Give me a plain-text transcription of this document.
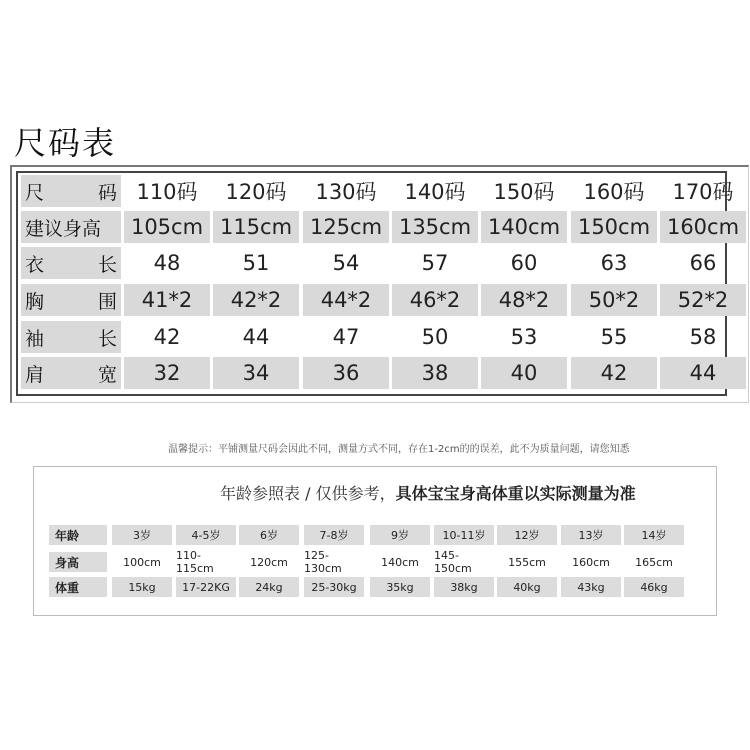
尺码表
尺	码 110码	120码	130码	140码	150码	160码	170码
建议身高	105cm 115cm 125cm 135cm 140cm 150cm 160cm
衣	长	48	51	54	57	60	63	66
胸	围	41*2	42*2	44*2	46*2	48*2	50*2	52*2
袖	长	42	44	47	50	53	55	58
肩	宽	32	34	36	38	40	42	44
温馨提示：平铺测量尺码会因此不同，测量方式不同，存在1-2cm的的误差，此不为质量问题，请您知悉
年龄参照表 / 仅供参考，具体宝宝身高体重以实际测量为准
年龄	3岁	4-5岁	6岁	7-8岁	9岁	10-11岁	12岁	13岁	14岁
身高	100cm	110-115cm	120cm	125-130cm	140cm	145-150cm	155cm	160cm	165cm
体重	15kg	17-22KG	24kg	25-30kg	35kg	38kg	40kg	43kg	46kg
